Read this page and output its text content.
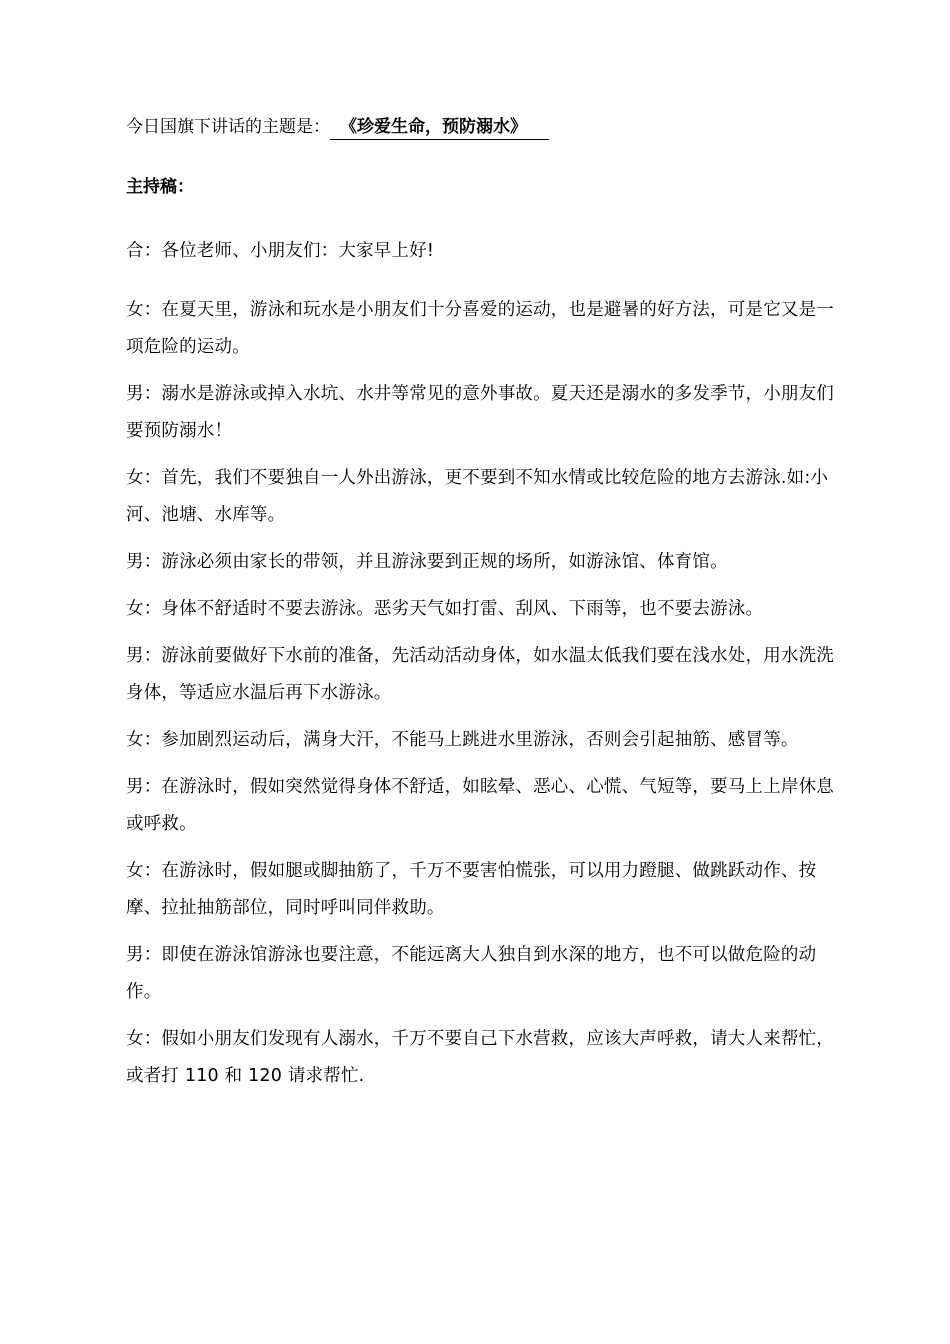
今日国旗下讲话的主题是： 《珍爱生命，预防溺水》
主持稿：

合：各位老师、小朋友们：大家早上好!

女：在夏天里，游泳和玩水是小朋友们十分喜爱的运动，也是避暑的好方法，可是它又是一项危险的运动。

男：溺水是游泳或掉入水坑、水井等常见的意外事故。夏天还是溺水的多发季节，小朋友们要预防溺水！

女：首先，我们不要独自一人外出游泳，更不要到不知水情或比较危险的地方去游泳.如:小河、池塘、水库等。

男：游泳必须由家长的带领，并且游泳要到正规的场所，如游泳馆、体育馆。

女：身体不舒适时不要去游泳。恶劣天气如打雷、刮风、下雨等，也不要去游泳。

男：游泳前要做好下水前的准备，先活动活动身体，如水温太低我们要在浅水处，用水洗洗身体，等适应水温后再下水游泳。

女：参加剧烈运动后，满身大汗，不能马上跳进水里游泳，否则会引起抽筋、感冒等。

男：在游泳时，假如突然觉得身体不舒适，如眩晕、恶心、心慌、气短等，要马上上岸休息或呼救。

女：在游泳时，假如腿或脚抽筋了，千万不要害怕慌张，可以用力蹬腿、做跳跃动作、按摩、拉扯抽筋部位，同时呼叫同伴救助。

男：即使在游泳馆游泳也要注意，不能远离大人独自到水深的地方，也不可以做危险的动作。

女：假如小朋友们发现有人溺水，千万不要自己下水营救，应该大声呼救，请大人来帮忙，或者打 110 和 120 请求帮忙.
